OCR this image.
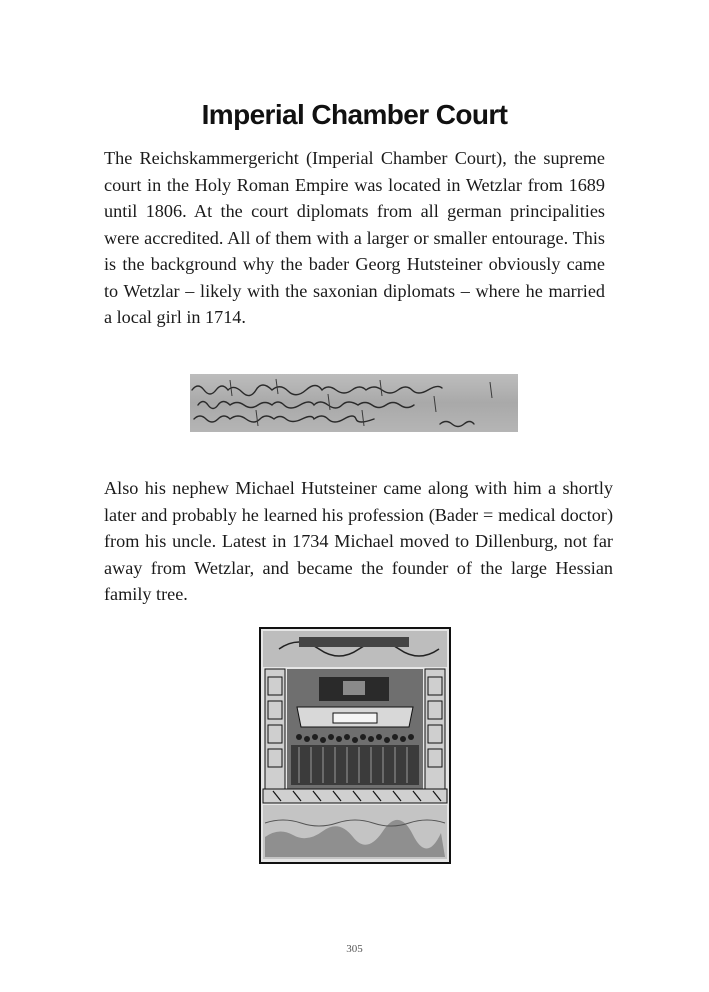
Imperial Chamber Court

The Reichskammergericht (Imperial Chamber Court), the supreme court in the Holy Roman Empire was located in Wetzlar from 1689 until 1806. At the court diplomats from all german principalities were accredited. All of them with a larger or smaller entourage. This is the background why the bader Georg Hutsteiner obviously came to Wetzlar – likely with the saxonian diplomats – where he married a local girl in 1714.

Also his nephew Michael Hutsteiner came along with him a shortly later and probably he learned his profession (Bader = medical doctor) from his uncle. Latest in 1734 Michael moved to Dillenburg, not far away from Wetzlar, and became the founder of the large Hessian family tree.

305
